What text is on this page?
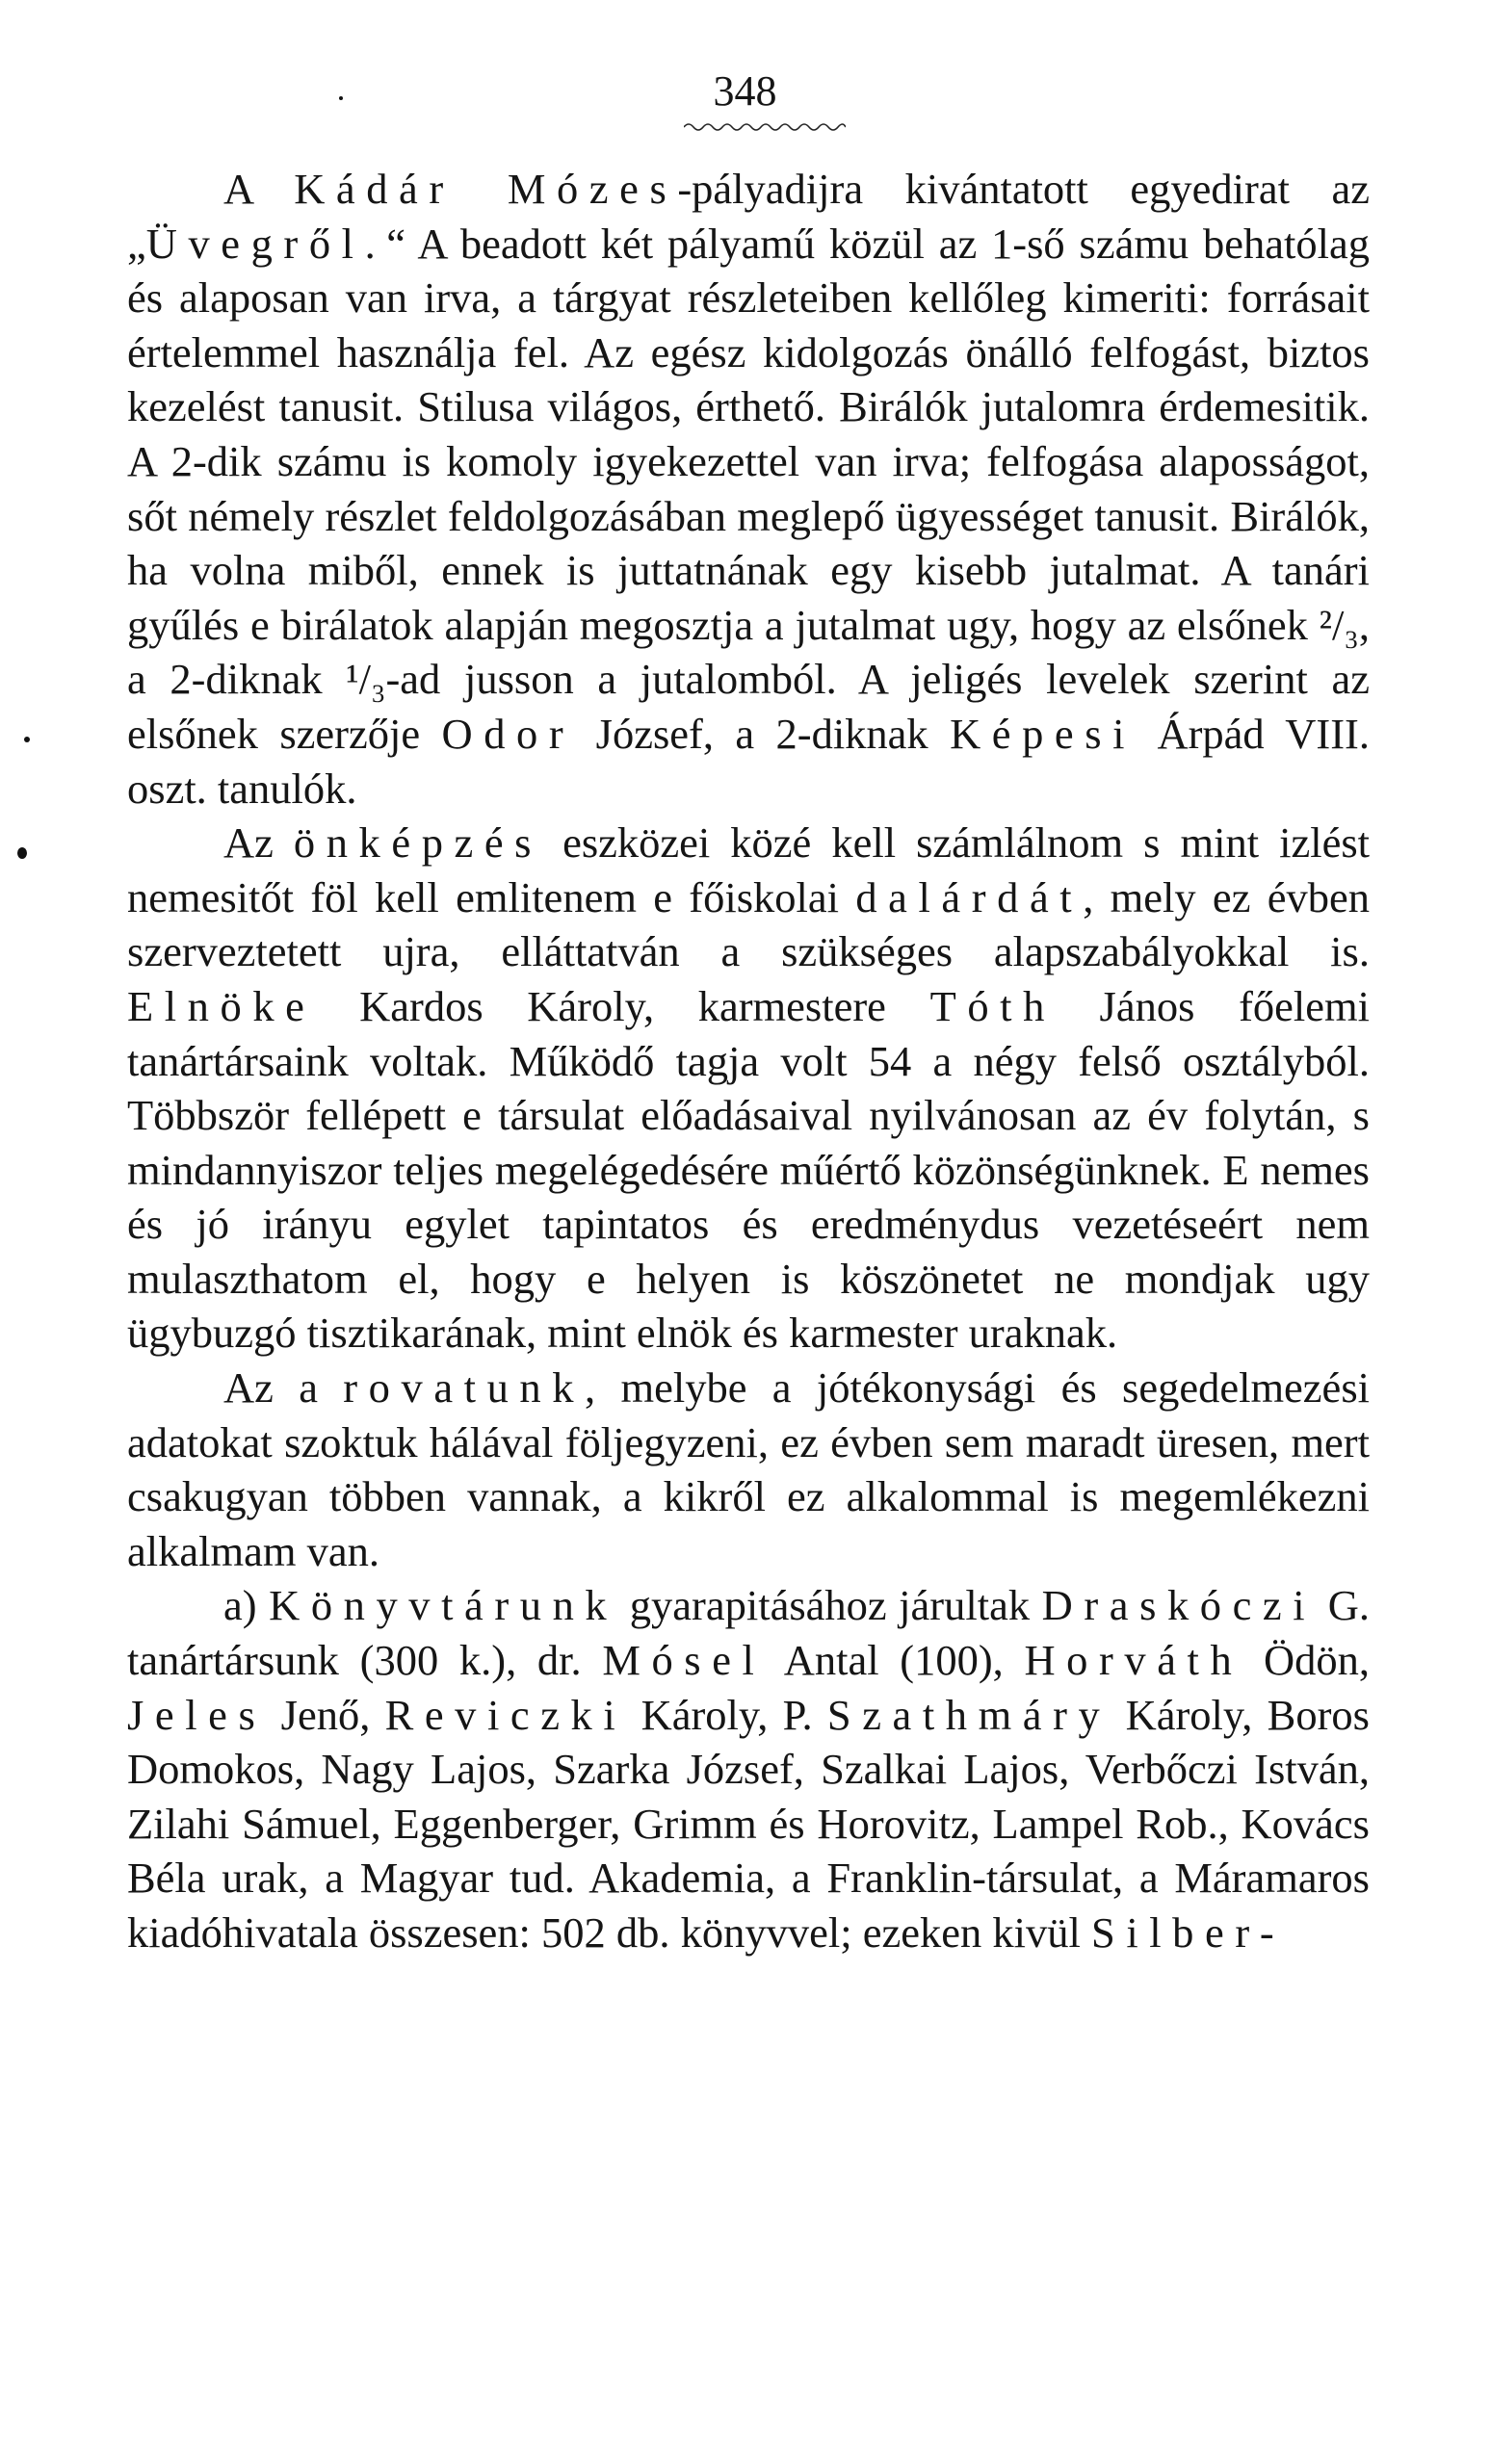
348

A Kádár Mózes-pályadijra kivántatott egyedirat az „Üvegről.“ A beadott két pályamű közül az 1-ső számu behatólag és alaposan van irva, a tárgyat részleteiben kellőleg kimeriti: forrásait értelemmel használja fel. Az egész kidolgozás önálló felfogást, biztos kezelést tanusit. Stilusa világos, érthető. Birálók jutalomra érdemesitik. A 2-dik számu is komoly igyekezettel van irva; felfogása alaposságot, sőt némely részlet feldolgozásában meglepő ügyességet tanusit. Birálók, ha volna miből, ennek is juttatnának egy kisebb jutalmat. A tanári gyűlés e birálatok alapján megosztja a jutalmat ugy, hogy az elsőnek ²/₃, a 2-diknak ¹/₃-ad jusson a jutalomból. A jeligés levelek szerint az elsőnek szerzője Odor József, a 2-diknak Képesi Árpád VIII. oszt. tanulók.

Az önképzés eszközei közé kell számlálnom s mint izlést nemesitőt föl kell emlitenem e főiskolai dalárdát, mely ez évben szerveztetett ujra, elláttatván a szükséges alapszabályokkal is. Elnöke Kardos Károly, karmestere Tóth János főelemi tanártársaink voltak. Működő tagja volt 54 a négy felső osztályból. Többször fellépett e társulat előadásaival nyilvánosan az év folytán, s mindannyiszor teljes megelégedésére műértő közönségünknek. E nemes és jó irányu egylet tapintatos és eredménydus vezetéseért nem mulaszthatom el, hogy e helyen is köszönetet ne mondjak ugy ügybuzgó tisztikarának, mint elnök és karmester uraknak.

Az a rovatunk, melybe a jótékonysági és segedelmezési adatokat szoktuk hálával följegyzeni, ez évben sem maradt üresen, mert csakugyan többen vannak, a kikről ez alkalommal is megemlékezni alkalmam van.

a) Könyvtárunk gyarapitásához járultak Draskóczi G. tanártársunk (300 k.), dr. Mósel Antal (100), Horváth Ödön, Jeles Jenő, Reviczki Károly, P. Szathmáry Károly, Boros Domokos, Nagy Lajos, Szarka József, Szalkai Lajos, Verbőczi István, Zilahi Sámuel, Eggenberger, Grimm és Horovitz, Lampel Rob., Kovács Béla urak, a Magyar tud. Akademia, a Franklin-társulat, a Máramaros kiadóhivatala összesen: 502 db. könyvvel; ezeken kivül Silber-
